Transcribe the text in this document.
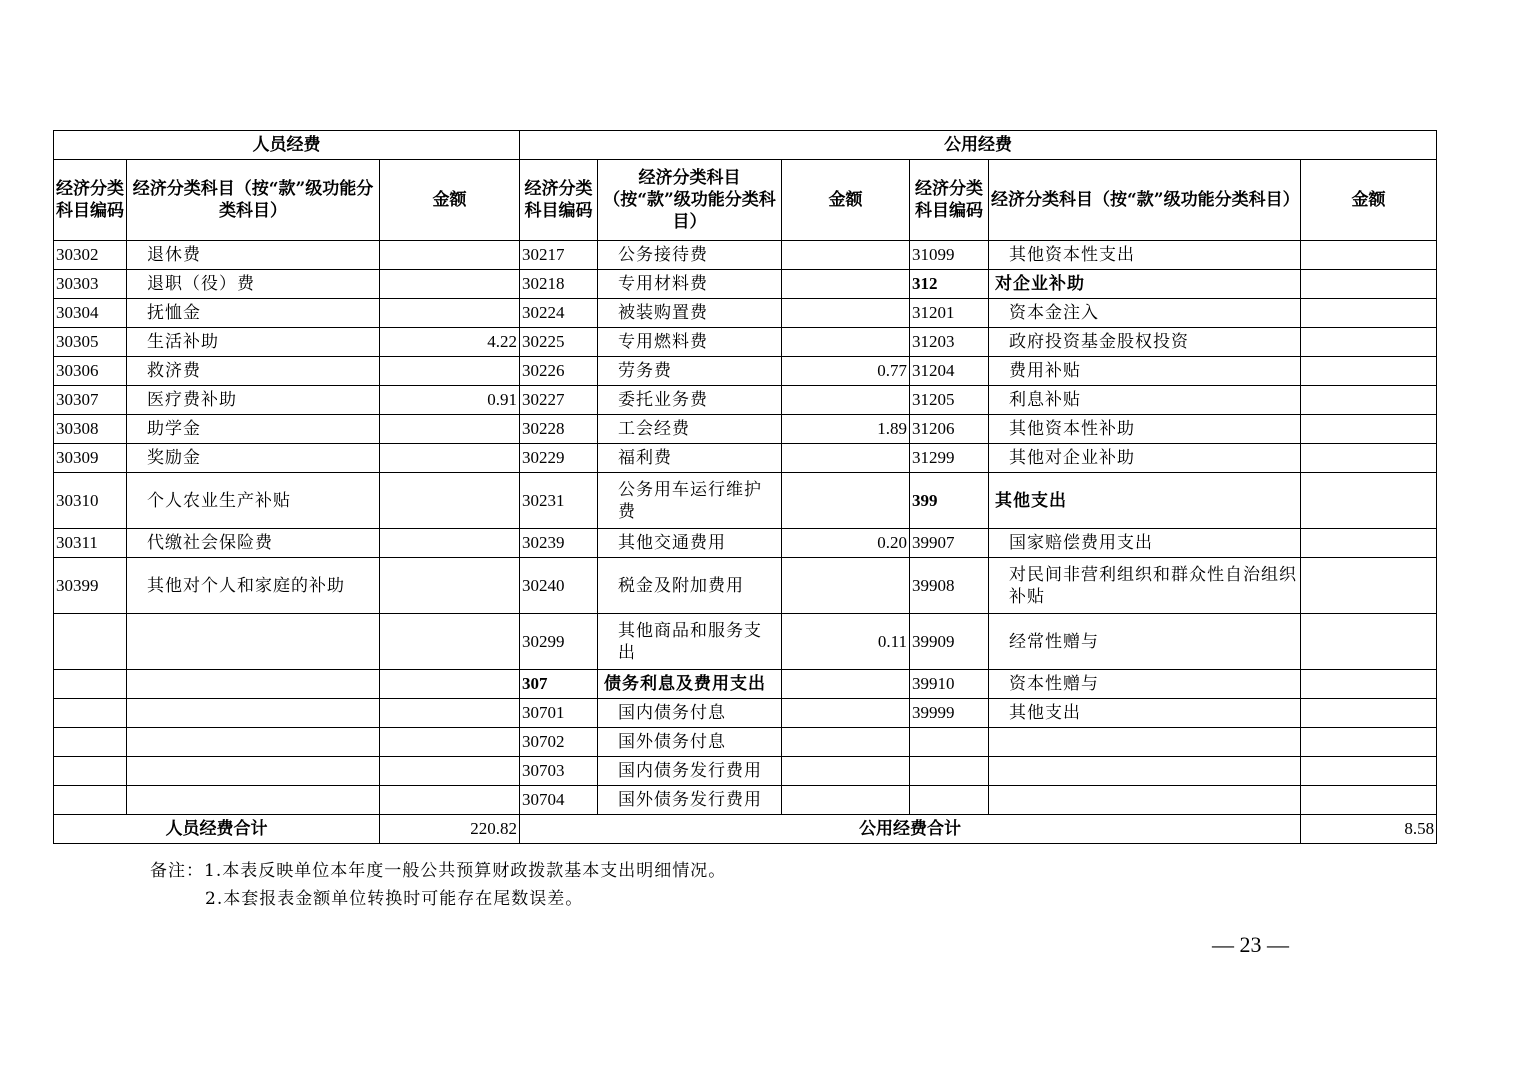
人员经费			公用经费					
经济分类科目编码	经济分类科目（按“款”级功能分类科目）	金额	经济分类科目编码	经济分类科目（按“款”级功能分类科目）	金额	经济分类科目编码	经济分类科目（按“款”级功能分类科目）	金额
30302	退休费		30217	公务接待费		31099	其他资本性支出	
30303	退职（役）费		30218	专用材料费		312	对企业补助	
30304	抚恤金		30224	被装购置费		31201	资本金注入	
30305	生活补助	4.22	30225	专用燃料费		31203	政府投资基金股权投资	
30306	救济费		30226	劳务费	0.77	31204	费用补贴	
30307	医疗费补助	0.91	30227	委托业务费		31205	利息补贴	
30308	助学金		30228	工会经费	1.89	31206	其他资本性补助	
30309	奖励金		30229	福利费		31299	其他对企业补助	
30310	个人农业生产补贴		30231	公务用车运行维护费		399	其他支出	
30311	代缴社会保险费		30239	其他交通费用	0.20	39907	国家赔偿费用支出	
30399	其他对个人和家庭的补助		30240	税金及附加费用		39908	对民间非营利组织和群众性自治组织补贴	
			30299	其他商品和服务支出	0.11	39909	经常性赠与	
			307	债务利息及费用支出		39910	资本性赠与	
			30701	国内债务付息		39999	其他支出	
			30702	国外债务付息				
			30703	国内债务发行费用				
			30704	国外债务发行费用				
人员经费合计		220.82	公用经费合计					8.58
备注：1.本表反映单位本年度一般公共预算财政拨款基本支出明细情况。
2.本套报表金额单位转换时可能存在尾数误差。
— 23 —
